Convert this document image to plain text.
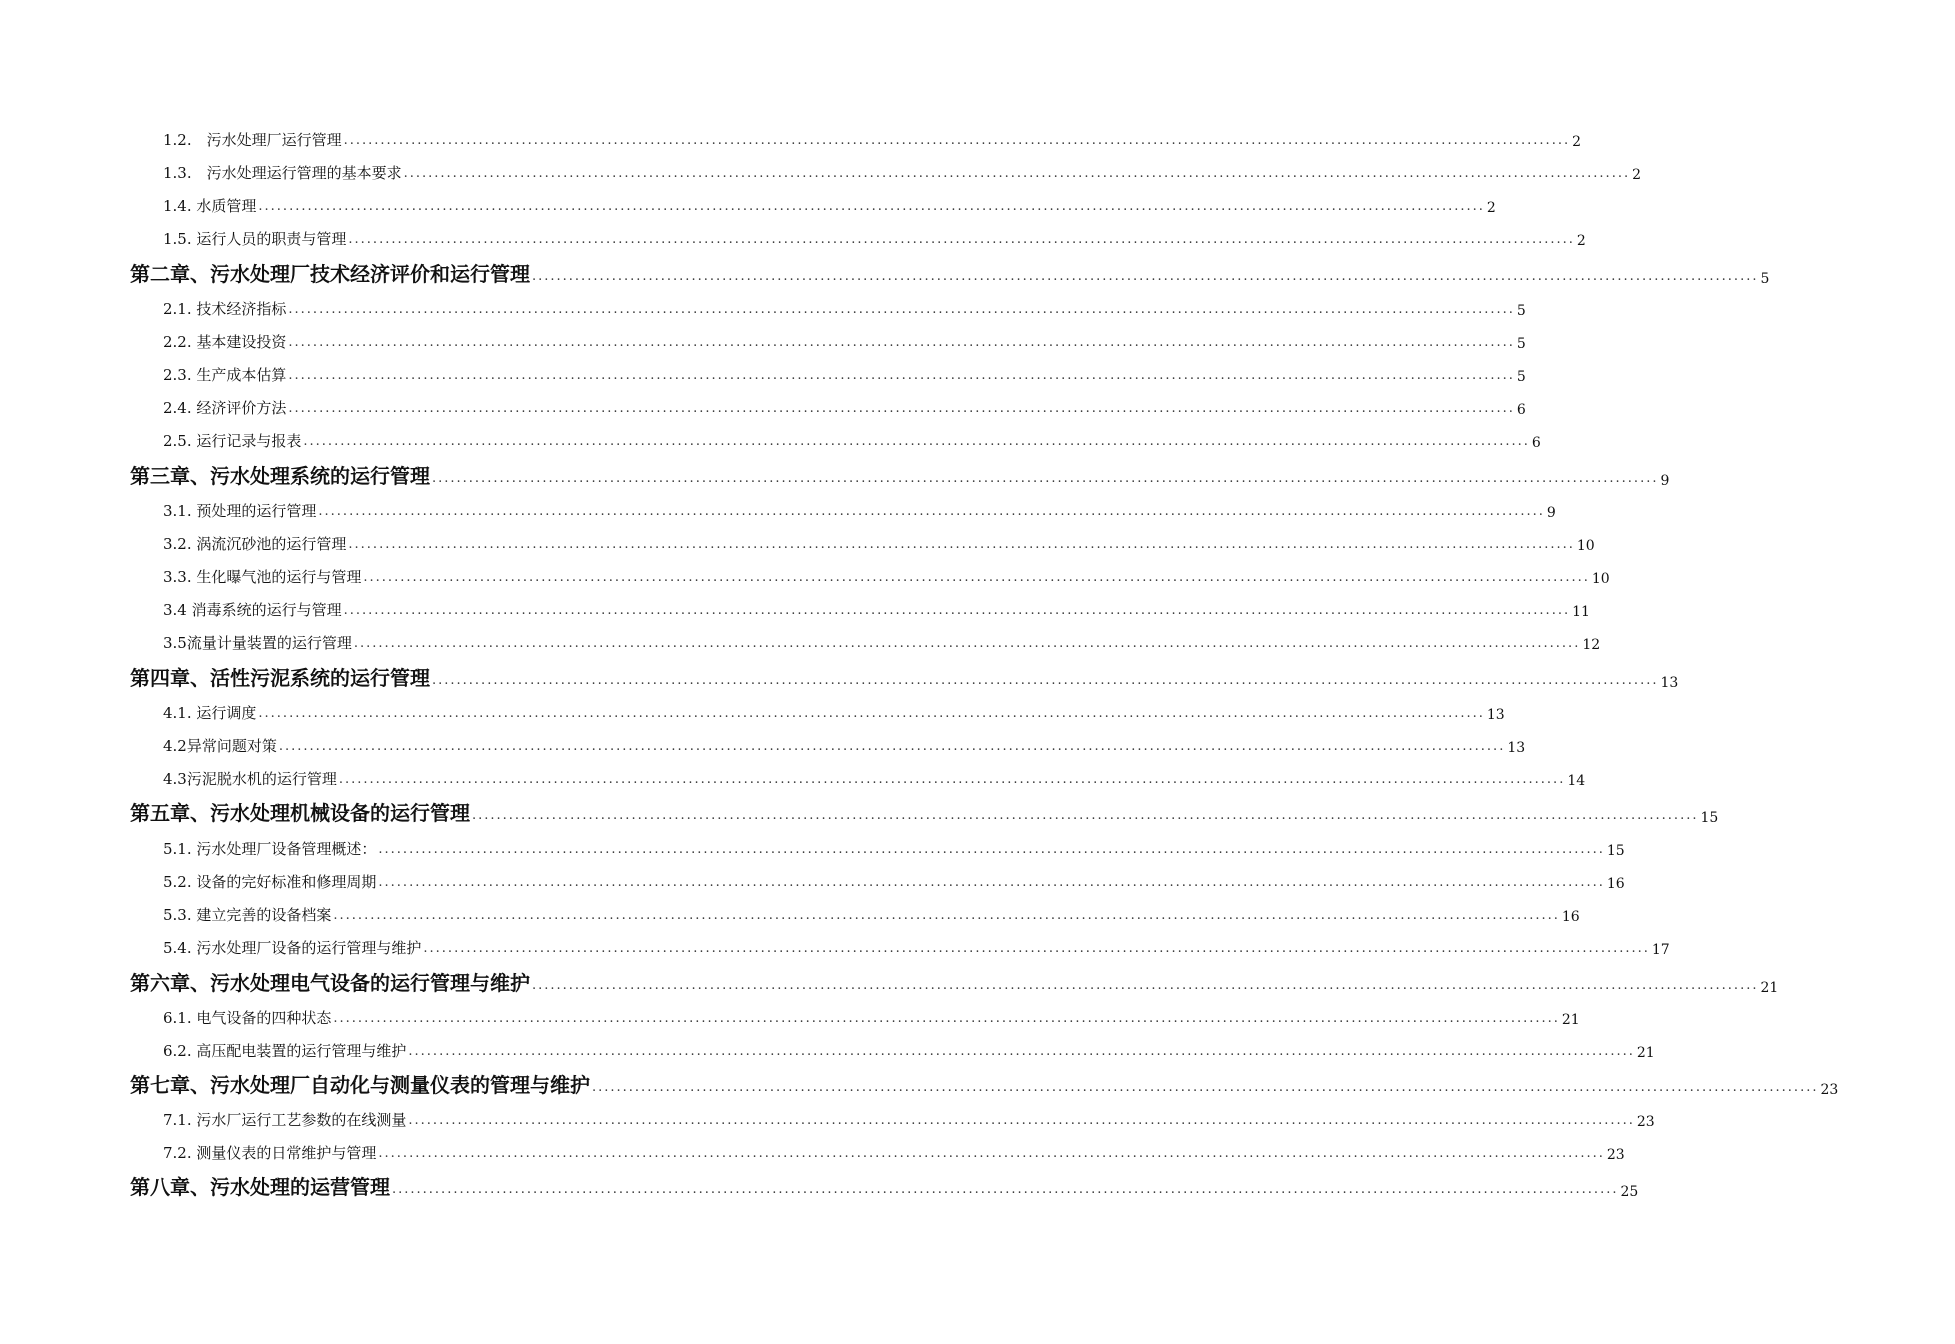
1.2.　污水处理厂运行管理 ........................................................................................................................................................................................................ 2
1.3.　污水处理运行管理的基本要求 ........................................................................................................................................................................................................ 2
1.4. 水质管理 ........................................................................................................................................................................................................ 2
1.5. 运行人员的职责与管理 ........................................................................................................................................................................................................ 2
第二章、污水处理厂技术经济评价和运行管理 ........................................................................................................................................................................................................ 5
2.1. 技术经济指标 ........................................................................................................................................................................................................ 5
2.2. 基本建设投资 ........................................................................................................................................................................................................ 5
2.3. 生产成本估算 ........................................................................................................................................................................................................ 5
2.4. 经济评价方法 ........................................................................................................................................................................................................ 6
2.5. 运行记录与报表 ........................................................................................................................................................................................................ 6
第三章、污水处理系统的运行管理 ........................................................................................................................................................................................................ 9
3.1. 预处理的运行管理 ........................................................................................................................................................................................................ 9
3.2. 涡流沉砂池的运行管理 ........................................................................................................................................................................................................ 10
3.3. 生化曝气池的运行与管理 ........................................................................................................................................................................................................ 10
3.4 消毒系统的运行与管理 ........................................................................................................................................................................................................ 11
3.5流量计量装置的运行管理 ........................................................................................................................................................................................................ 12
第四章、活性污泥系统的运行管理 ........................................................................................................................................................................................................ 13
4.1. 运行调度 ........................................................................................................................................................................................................ 13
4.2异常问题对策 ........................................................................................................................................................................................................ 13
4.3污泥脱水机的运行管理 ........................................................................................................................................................................................................ 14
第五章、污水处理机械设备的运行管理 ........................................................................................................................................................................................................ 15
5.1. 污水处理厂设备管理概述： ........................................................................................................................................................................................................ 15
5.2. 设备的完好标准和修理周期 ........................................................................................................................................................................................................ 16
5.3. 建立完善的设备档案 ........................................................................................................................................................................................................ 16
5.4. 污水处理厂设备的运行管理与维护 ........................................................................................................................................................................................................ 17
第六章、污水处理电气设备的运行管理与维护 ........................................................................................................................................................................................................ 21
6.1. 电气设备的四种状态 ........................................................................................................................................................................................................ 21
6.2. 高压配电装置的运行管理与维护 ........................................................................................................................................................................................................ 21
第七章、污水处理厂自动化与测量仪表的管理与维护 ........................................................................................................................................................................................................ 23
7.1. 污水厂运行工艺参数的在线测量 ........................................................................................................................................................................................................ 23
7.2. 测量仪表的日常维护与管理 ........................................................................................................................................................................................................ 23
第八章、污水处理的运营管理 ........................................................................................................................................................................................................ 25
